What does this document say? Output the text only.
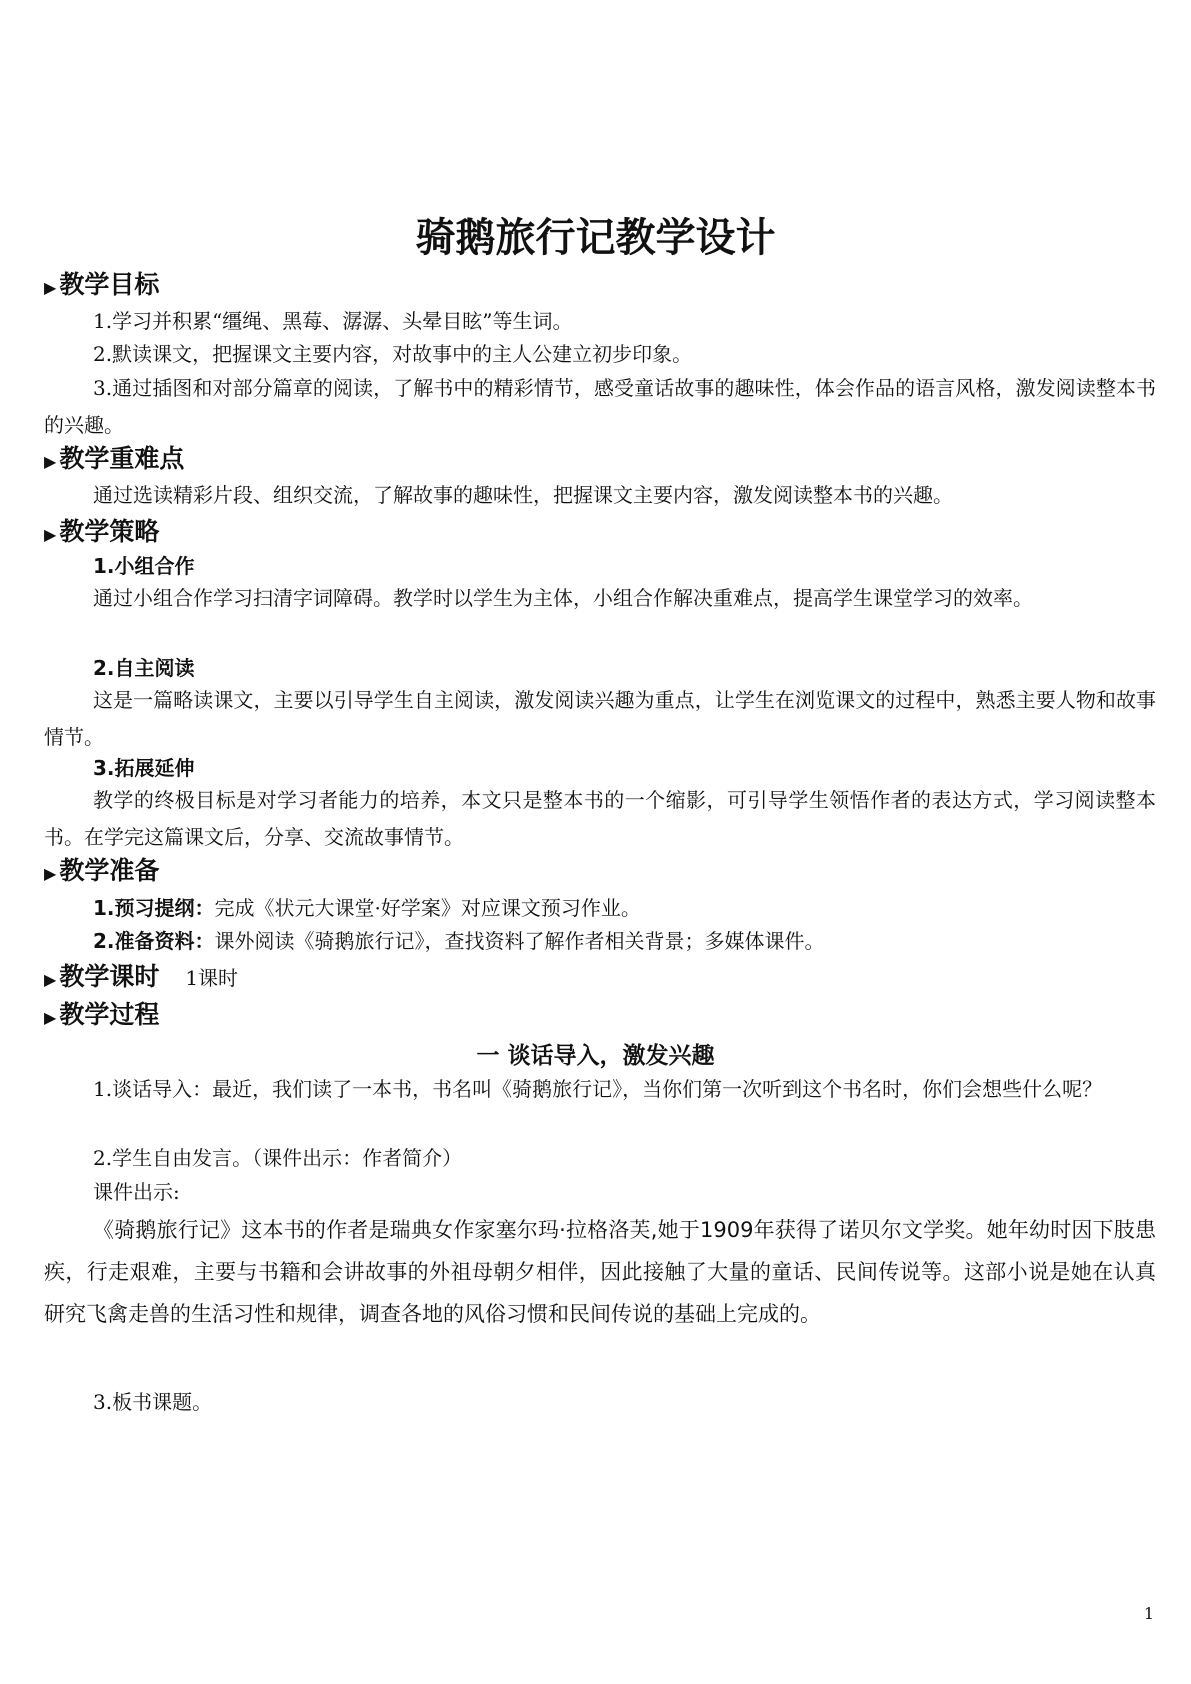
骑鹅旅行记教学设计
▶ 教学目标
1.学习并积累“缰绳、黑莓、潺潺、头晕目眩”等生词。
2.默读课文，把握课文主要内容，对故事中的主人公建立初步印象。
3.通过插图和对部分篇章的阅读，了解书中的精彩情节，感受童话故事的趣味性，体会作品的语言风格，激发阅读整本书的兴趣。
▶ 教学重难点
通过选读精彩片段、组织交流，了解故事的趣味性，把握课文主要内容，激发阅读整本书的兴趣。
▶ 教学策略
1.小组合作
通过小组合作学习扫清字词障碍。教学时以学生为主体，小组合作解决重难点，提高学生课堂学习的效率。
2.自主阅读
这是一篇略读课文，主要以引导学生自主阅读，激发阅读兴趣为重点，让学生在浏览课文的过程中，熟悉主要人物和故事情节。
3.拓展延伸
教学的终极目标是对学习者能力的培养，本文只是整本书的一个缩影，可引导学生领悟作者的表达方式，学习阅读整本书。在学完这篇课文后，分享、交流故事情节。
▶ 教学准备
1.预习提纲：完成《状元大课堂·好学案》对应课文预习作业。
2.准备资料：课外阅读《骑鹅旅行记》，查找资料了解作者相关背景；多媒体课件。
▶ 教学课时 1课时
▶ 教学过程
一 谈话导入，激发兴趣
1.谈话导入：最近，我们读了一本书，书名叫《骑鹅旅行记》，当你们第一次听到这个书名时，你们会想些什么呢？
2.学生自由发言。（课件出示：作者简介）
课件出示:
《骑鹅旅行记》这本书的作者是瑞典女作家塞尔玛·拉格洛芙,她于1909年获得了诺贝尔文学奖。她年幼时因下肢患疾，行走艰难，主要与书籍和会讲故事的外祖母朝夕相伴，因此接触了大量的童话、民间传说等。这部小说是她在认真研究飞禽走兽的生活习性和规律，调查各地的风俗习惯和民间传说的基础上完成的。
3.板书课题。
1
